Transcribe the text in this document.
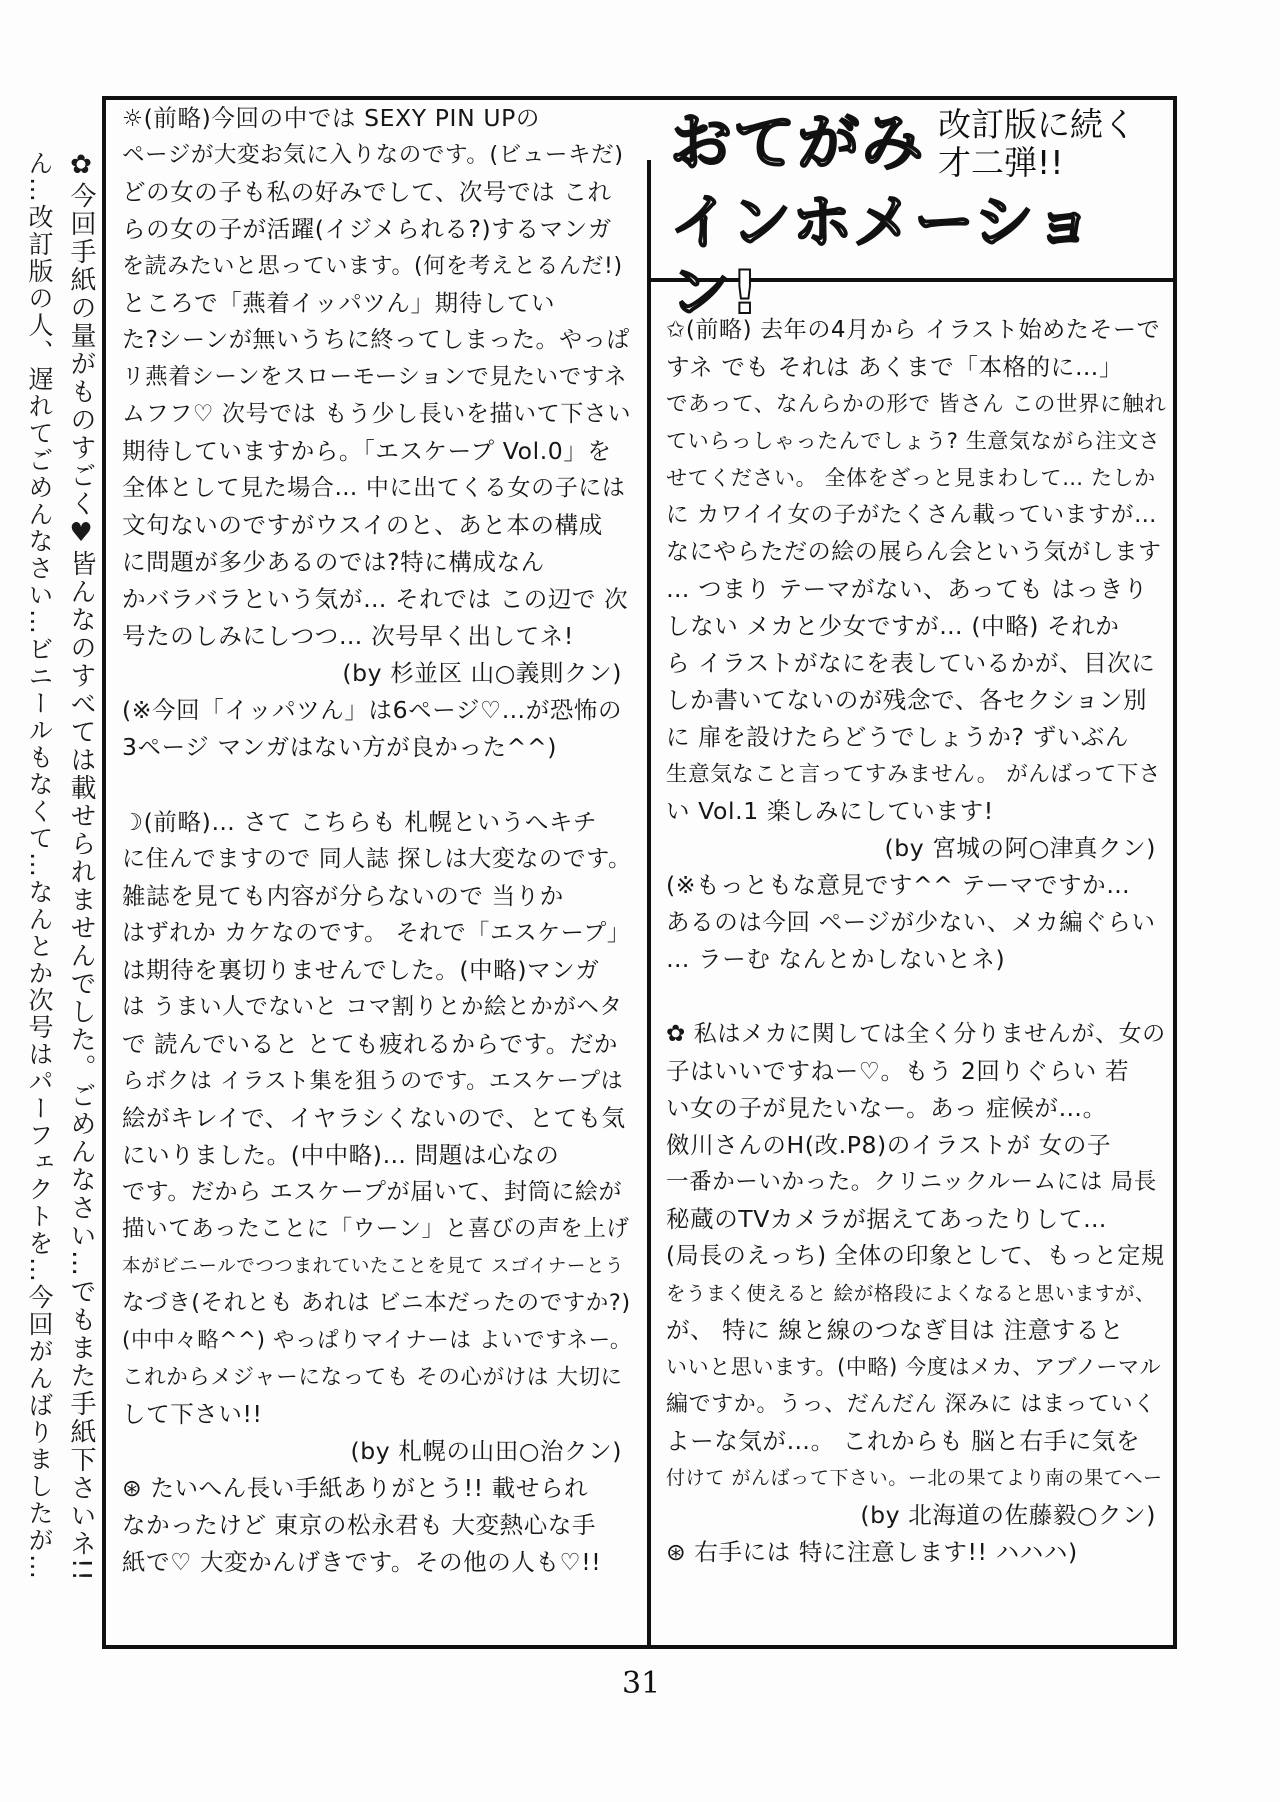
✿今回手紙の量がものすごく♥皆んなのすべては載せられませんでした。ごめんなさい…でもまた手紙下さいネ!!
ん…改訂版の人、遅れてごめんなさい…ビニールもなくて…なんとか次号はパーフェクトを…今回がんばりましたが…
おてがみ 改訂版に続く 才二弾!!
インホメーション!

☼(前略)今回の中では SEXY PIN UPの

ページが大変お気に入りなのです。(ビューキだ)

どの女の子も私の好みでして、次号では これ

らの女の子が活躍(イジメられる?)するマンガ

を読みたいと思っています。(何を考えとるんだ!)

ところで「燕着イッパツん」期待してい

た?シーンが無いうちに終ってしまった。やっぱ

リ燕着シーンをスローモーションで見たいですネ

ムフフ♡ 次号では もう少し長いを描いて下さい

期待していますから。「エスケープ Vol.0」を

全体として見た場合… 中に出てくる女の子には

文句ないのですがウスイのと、あと本の構成

に問題が多少あるのでは?特に構成なん

かバラバラという気が… それでは この辺で 次

号たのしみにしつつ… 次号早く出してネ!

(by 杉並区 山○義則クン)

(※今回「イッパツん」は6ページ♡…が恐怖の

3ページ マンガはない方が良かった^^)

☽(前略)… さて こちらも 札幌というへキチ

に住んでますので 同人誌 探しは大変なのです。

雑誌を見ても内容が分らないので 当りか

はずれか カケなのです。 それで「エスケープ」

は期待を裏切りませんでした。(中略)マンガ

は うまい人でないと コマ割りとか絵とかがヘタ

で 読んでいると とても疲れるからです。だか

らボクは イラスト集を狙うのです。エスケープは

絵がキレイで、イヤラシくないので、とても気

にいりました。(中中略)… 問題は心なの

です。だから エスケープが届いて、封筒に絵が

描いてあったことに「ウーン」と喜びの声を上げ

本がビニールでつつまれていたことを見て スゴイナーとう

なづき(それとも あれは ビニ本だったのですか?)

(中中々略^^) やっぱりマイナーは よいですネー。

これからメジャーになっても その心がけは 大切に

して下さい!!

(by 札幌の山田○治クン)

⊛ たいへん長い手紙ありがとう!! 載せられ

なかったけど 東京の松永君も 大変熱心な手

紙で♡ 大変かんげきです。その他の人も♡!!

✩(前略) 去年の4月から イラスト始めたそーで

すネ でも それは あくまで「本格的に…」

であって、なんらかの形で 皆さん この世界に触れ

ていらっしゃったんでしょう? 生意気ながら注文さ

せてください。 全体をざっと見まわして… たしか

に カワイイ女の子がたくさん載っていますが…

なにやらただの絵の展らん会という気がします

… つまり テーマがない、あっても はっきり

しない メカと少女ですが… (中略) それか

ら イラストがなにを表しているかが、目次に

しか書いてないのが残念で、各セクション別

に 扉を設けたらどうでしょうか? ずいぶん

生意気なこと言ってすみません。 がんばって下さ

い Vol.1 楽しみにしています!

(by 宮城の阿○津真クン)

(※もっともな意見です^^ テーマですか…

あるのは今回 ページが少ない、メカ編ぐらい

… ラーむ なんとかしないとネ)

✿ 私はメカに関しては全く分りませんが、女の

子はいいですねー♡。もう 2回りぐらい 若

い女の子が見たいなー。あっ 症候が…。

傚川さんのH(改.P8)のイラストが 女の子

一番かーいかった。クリニックルームには 局長

秘蔵のTVカメラが据えてあったりして…

(局長のえっち) 全体の印象として、もっと定規

をうまく使えると 絵が格段によくなると思いますが、

が、 特に 線と線のつなぎ目は 注意すると

いいと思います。(中略) 今度はメカ、アブノーマル

編ですか。うっ、だんだん 深みに はまっていく

よーな気が…。 これからも 脳と右手に気を

付けて がんばって下さい。ー北の果てより南の果てへー

(by 北海道の佐藤毅○クン)

⊛ 右手には 特に注意します!! ハハハ)

31
